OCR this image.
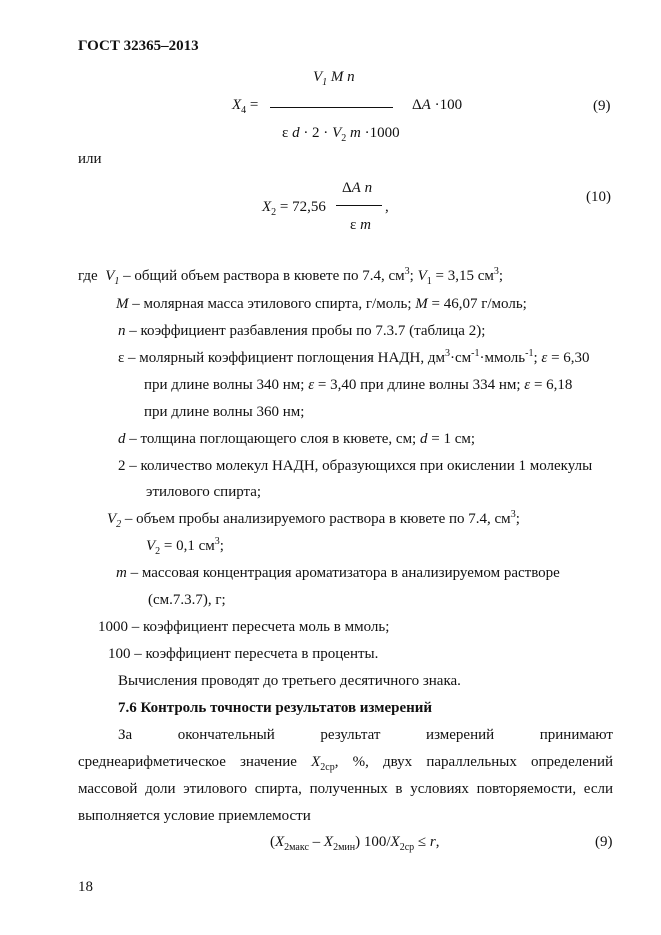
ГОСТ 32365–2013
$X_4$ =
$V_1$ M n
ε $d \cdot 2 \cdot V_2$ m ·1000
ΔA ·100	(9)
или
$X_2 = 72,56$
ΔA n
ε m
,
(10)
где $V_1$ – общий объем раствора в кювете по 7.4, $см^3$; $V_1 = 3,15$ $см^3$;
M – молярная масса этилового спирта, г/моль; M = 46,07 г/моль;
n – коэффициент разбавления пробы по 7.3.7 (таблица 2);
ε – молярный коэффициент поглощения НАДН, $дм^3\cdot см^{-1}\cdot ммоль^{-1}$; ε = 6,30
при длине волны 340 нм; ε = 3,40 при длине волны 334 нм; ε = 6,18
при длине волны 360 нм;
d – толщина поглощающего слоя в кювете, см; d = 1 см;
2 – количество молекул НАДН, образующихся при окислении 1 молекулы
этилового спирта;
$V_2$ – объем пробы анализируемого раствора в кювете по 7.4, $см^3$;
$V_2 = 0,1$ $см^3$;
m – массовая концентрация ароматизатора в анализируемом растворе
(см.7.3.7), г;
1000 – коэффициент пересчета моль в ммоль;
100 – коэффициент пересчета в проценты.
Вычисления проводят до третьего десятичного знака.
7.6 Контроль точности результатов измерений
За	окончательный	результат	измерений	принимают
среднеарифметическое значение $X_{2ср}$, %, двух параллельных определений
массовой доли этилового спирта, полученных в условиях повторяемости, если
выполняется условие приемлемости
$(X_{2макс} - X_{2мин}) 100/X_{2ср} \le r$,	(9)
18
